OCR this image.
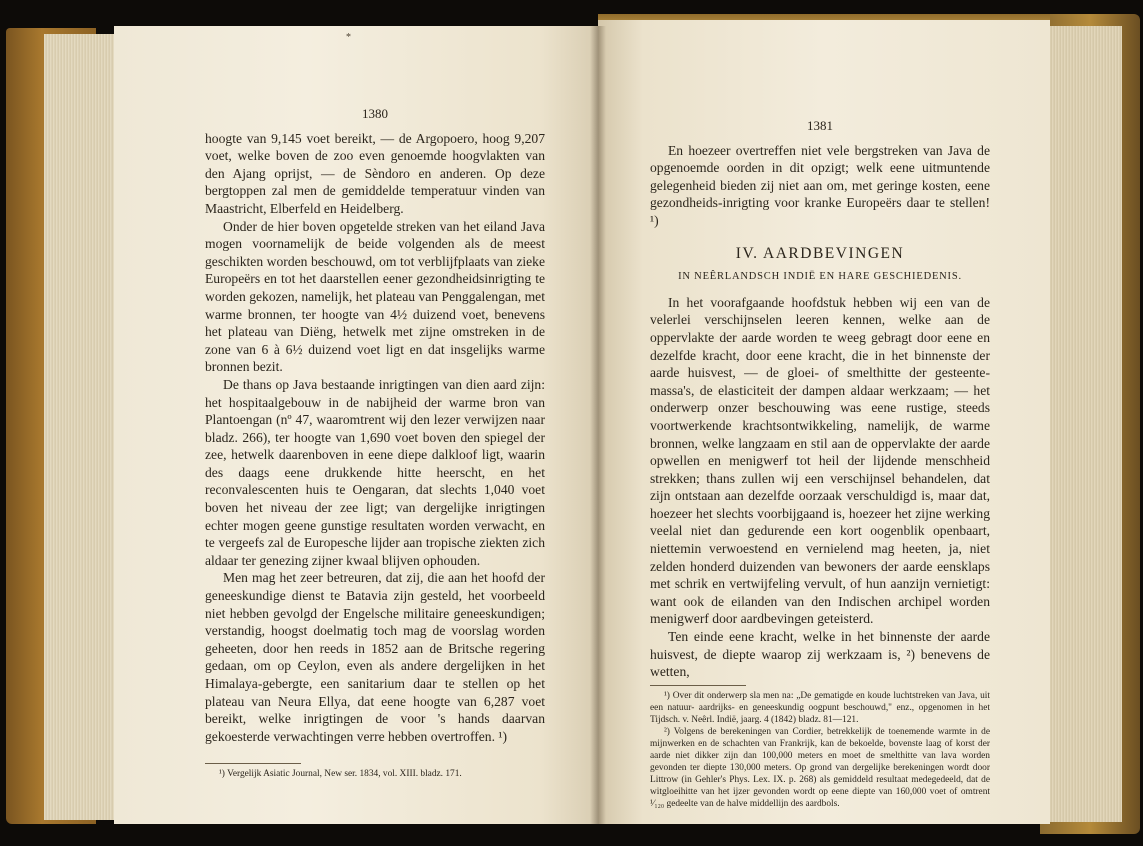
*

1380

hoogte van 9,145 voet bereikt, — de Argopoero, hoog 9,207 voet, welke boven de zoo even genoemde hoogvlakten van den Ajang oprijst, — de Sèndoro en anderen. Op deze bergtoppen zal men de gemiddelde temperatuur vinden van Maastricht, Elberfeld en Heidelberg.

Onder de hier boven opgetelde streken van het eiland Java mogen voornamelijk de beide volgenden als de meest geschikten worden beschouwd, om tot verblijfplaats van zieke Europeërs en tot het daarstellen eener gezondheidsinrigting te worden gekozen, namelijk, het plateau van Penggalengan, met warme bronnen, ter hoogte van 4½ duizend voet, benevens het plateau van Diëng, hetwelk met zijne omstreken in de zone van 6 à 6½ duizend voet ligt en dat insgelijks warme bronnen bezit.

De thans op Java bestaande inrigtingen van dien aard zijn: het hospitaalgebouw in de nabijheid der warme bron van Plantoengan (nº 47, waaromtrent wij den lezer verwijzen naar bladz. 266), ter hoogte van 1,690 voet boven den spiegel der zee, hetwelk daarenboven in eene diepe dalkloof ligt, waarin des daags eene drukkende hitte heerscht, en het reconvalescenten huis te Oengaran, dat slechts 1,040 voet boven het niveau der zee ligt; van dergelijke inrigtingen echter mogen geene gunstige resultaten worden verwacht, en te vergeefs zal de Europesche lijder aan tropische ziekten zich aldaar ter genezing zijner kwaal blijven ophouden.

Men mag het zeer betreuren, dat zij, die aan het hoofd der geneeskundige dienst te Batavia zijn gesteld, het voorbeeld niet hebben gevolgd der Engelsche militaire geneeskundigen; verstandig, hoogst doelmatig toch mag de voorslag worden geheeten, door hen reeds in 1852 aan de Britsche regering gedaan, om op Ceylon, even als andere dergelijken in het Himalaya-gebergte, een sanitarium daar te stellen op het plateau van Neura Ellya, dat eene hoogte van 6,287 voet bereikt, welke inrigtingen de voor 's hands daarvan gekoesterde verwachtingen verre hebben overtroffen. ¹)

¹) Vergelijk Asiatic Journal, New ser. 1834, vol. XIII. bladz. 171.

1381

En hoezeer overtreffen niet vele bergstreken van Java de opgenoemde oorden in dit opzigt; welk eene uitmuntende gelegenheid bieden zij niet aan om, met geringe kosten, eene gezondheids-inrigting voor kranke Europeërs daar te stellen! ¹)

IV. AARDBEVINGEN
IN NEÊRLANDSCH INDIË EN HARE GESCHIEDENIS.

In het voorafgaande hoofdstuk hebben wij een van de velerlei verschijnselen leeren kennen, welke aan de oppervlakte der aarde worden te weeg gebragt door eene en dezelfde kracht, door eene kracht, die in het binnenste der aarde huisvest, — de gloei- of smelthitte der gesteente-massa's, de elasticiteit der dampen aldaar werkzaam; — het onderwerp onzer beschouwing was eene rustige, steeds voortwerkende krachtsontwikkeling, namelijk, de warme bronnen, welke langzaam en stil aan de oppervlakte der aarde opwellen en menigwerf tot heil der lijdende menschheid strekken; thans zullen wij een verschijnsel behandelen, dat zijn ontstaan aan dezelfde oorzaak verschuldigd is, maar dat, hoezeer het slechts voorbijgaand is, hoezeer het zijne werking veelal niet dan gedurende een kort oogenblik openbaart, niettemin verwoestend en vernielend mag heeten, ja, niet zelden honderd duizenden van bewoners der aarde eensklaps met schrik en vertwijfeling vervult, of hun aanzijn vernietigt: want ook de eilanden van den Indischen archipel worden menigwerf door aardbevingen geteisterd.

Ten einde eene kracht, welke in het binnenste der aarde huisvest, de diepte waarop zij werkzaam is, ²) benevens de wetten,

¹) Over dit onderwerp sla men na: „De gematigde en koude luchtstreken van Java, uit een natuur- aardrijks- en geneeskundig oogpunt beschouwd," enz., opgenomen in het Tijdsch. v. Neêrl. Indië, jaarg. 4 (1842) bladz. 81—121.

²) Volgens de berekeningen van Cordier, betrekkelijk de toenemende warmte in de mijnwerken en de schachten van Frankrijk, kan de bekoelde, bovenste laag of korst der aarde niet dikker zijn dan 100,000 meters en moet de smelthitte van lava worden gevonden ter diepte 130,000 meters. Op grond van dergelijke berekeningen wordt door Littrow (in Gehler's Phys. Lex. IX. p. 268) als gemiddeld resultaat medegedeeld, dat de witgloeihitte van het ijzer gevonden wordt op eene diepte van 160,000 voet of omtrent ¹⁄₁₂₀ gedeelte van de halve middellijn des aardbols.
